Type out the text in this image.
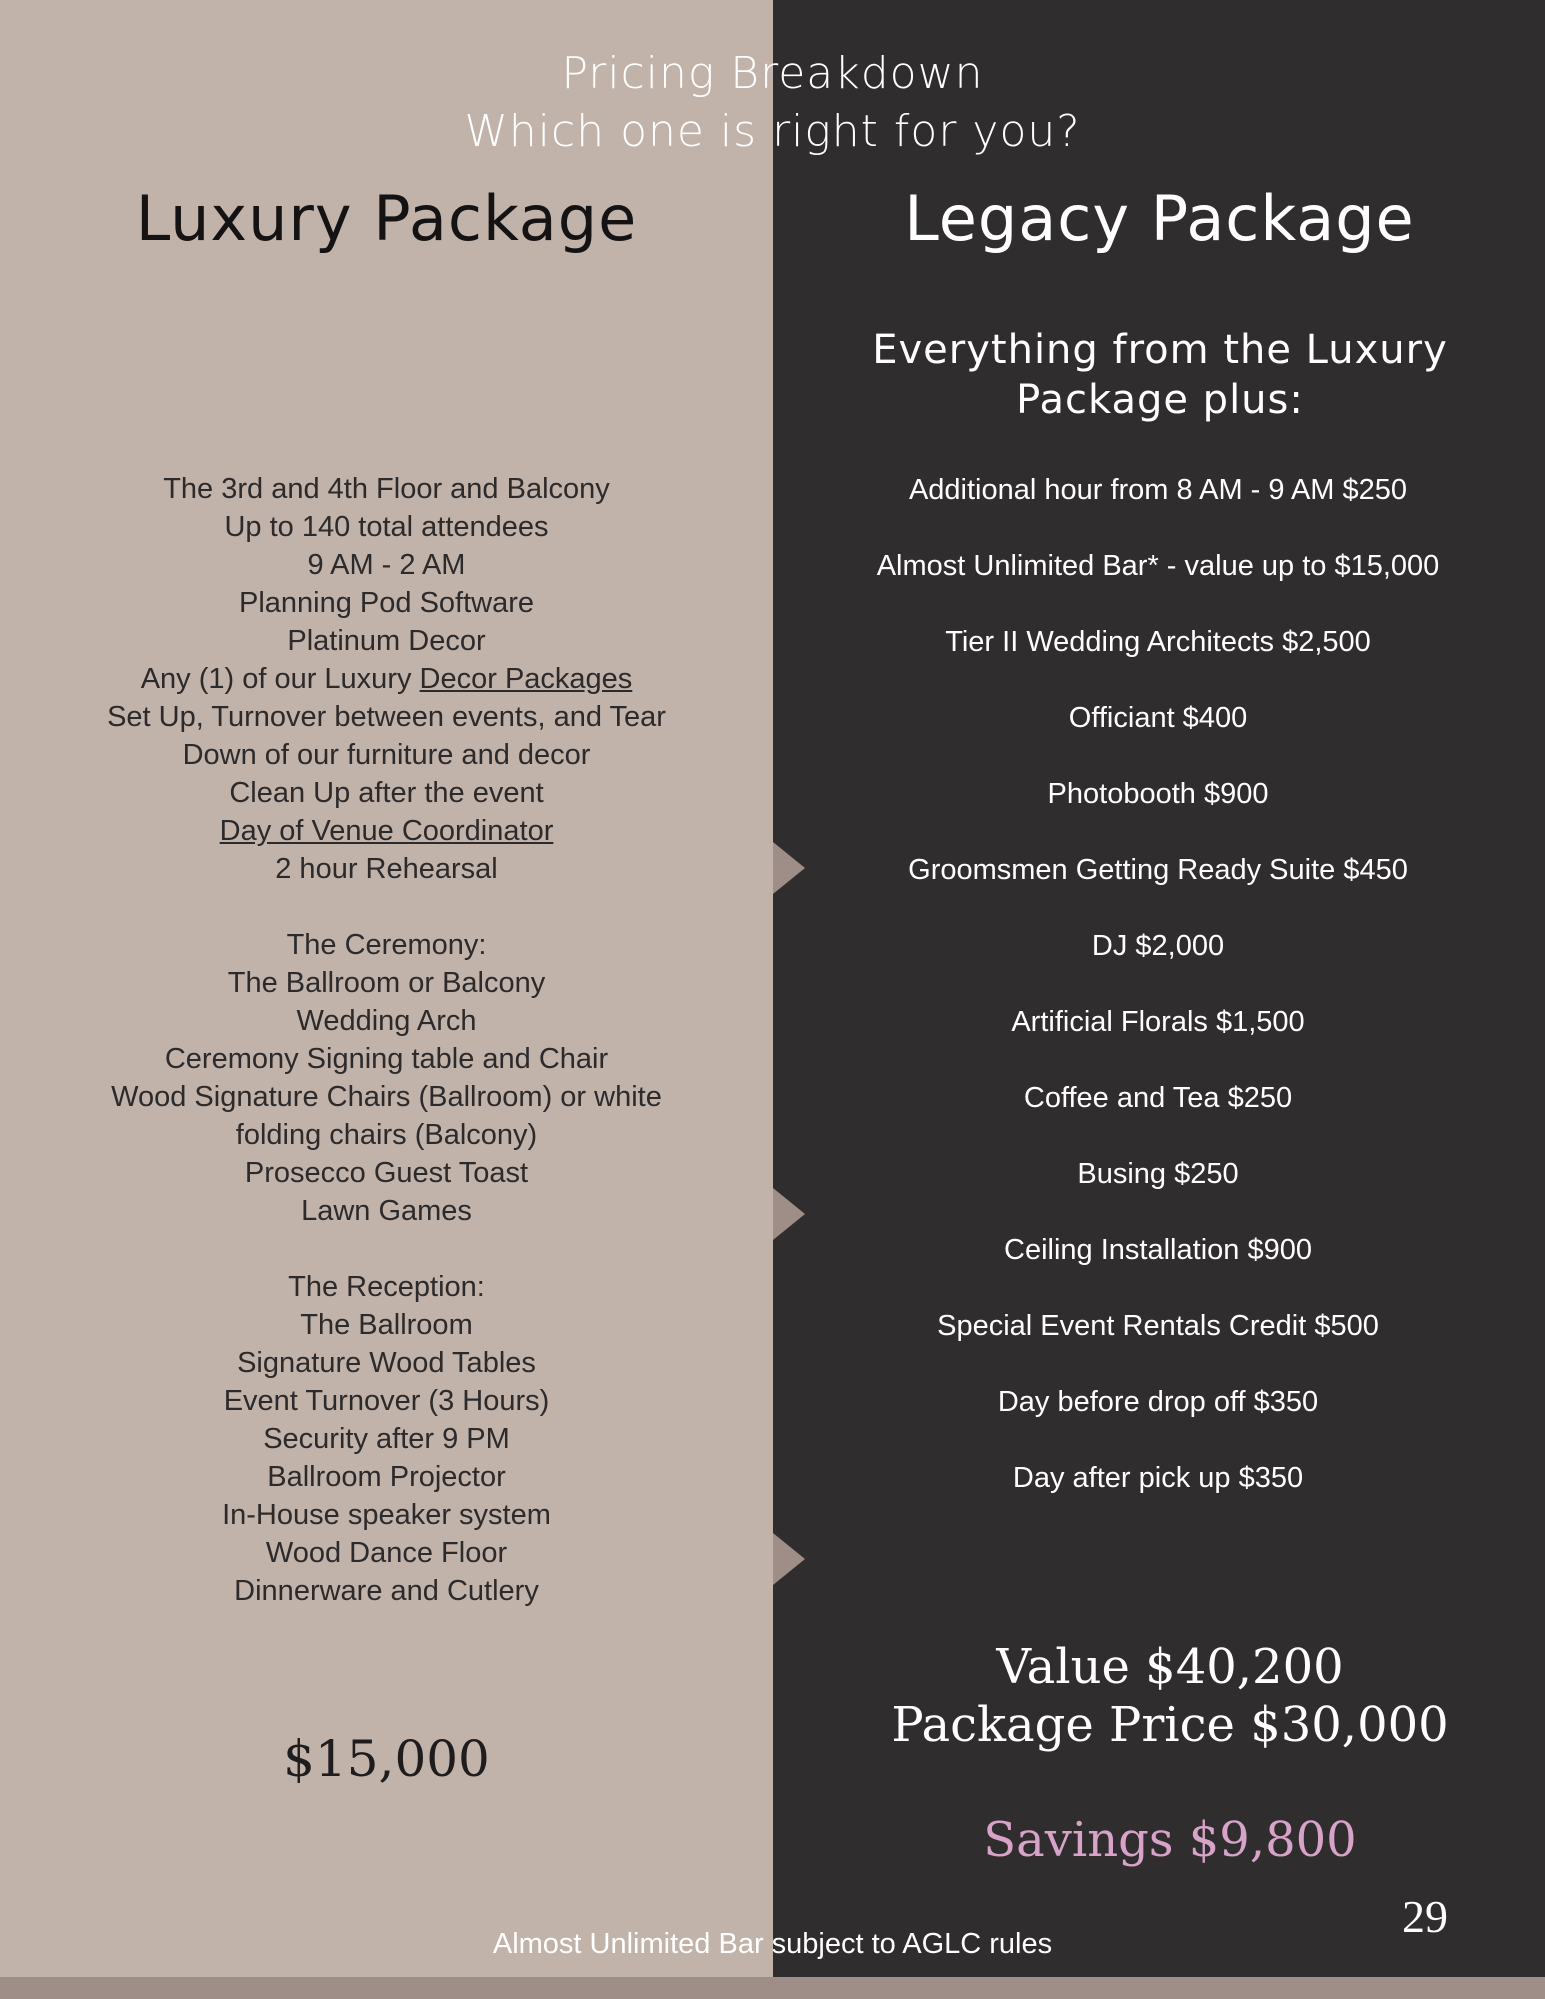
Pricing Breakdown
Which one is right for you?
Luxury Package	Legacy Package
The 3rd and 4th Floor and Balcony
Up to 140 total attendees
9 AM - 2 AM
Planning Pod Software
Platinum Decor
Any (1) of our Luxury Decor Packages
Set Up, Turnover between events, and Tear
Down of our furniture and decor
Clean Up after the event
Day of Venue Coordinator
2 hour Rehearsal
The Ceremony:
The Ballroom or Balcony
Wedding Arch
Ceremony Signing table and Chair
Wood Signature Chairs (Ballroom) or white
folding chairs (Balcony)
Prosecco Guest Toast
Lawn Games
The Reception:
The Ballroom
Signature Wood Tables
Event Turnover (3 Hours)
Security after 9 PM
Ballroom Projector
In-House speaker system
Wood Dance Floor
Dinnerware and Cutlery
Everything from the Luxury
Package plus:
Additional hour from 8 AM - 9 AM $250
Almost Unlimited Bar* - value up to $15,000
Tier II Wedding Architects $2,500
Officiant $400
Photobooth $900
Groomsmen Getting Ready Suite $450
DJ $2,000
Artificial Florals $1,500
Coffee and Tea $250
Busing $250
Ceiling Installation $900
Special Event Rentals Credit $500
Day before drop off $350
Day after pick up $350
$15,000
Value $40,200
Package Price $30,000
Savings $9,800
29
Almost Unlimited Bar subject to AGLC rules
